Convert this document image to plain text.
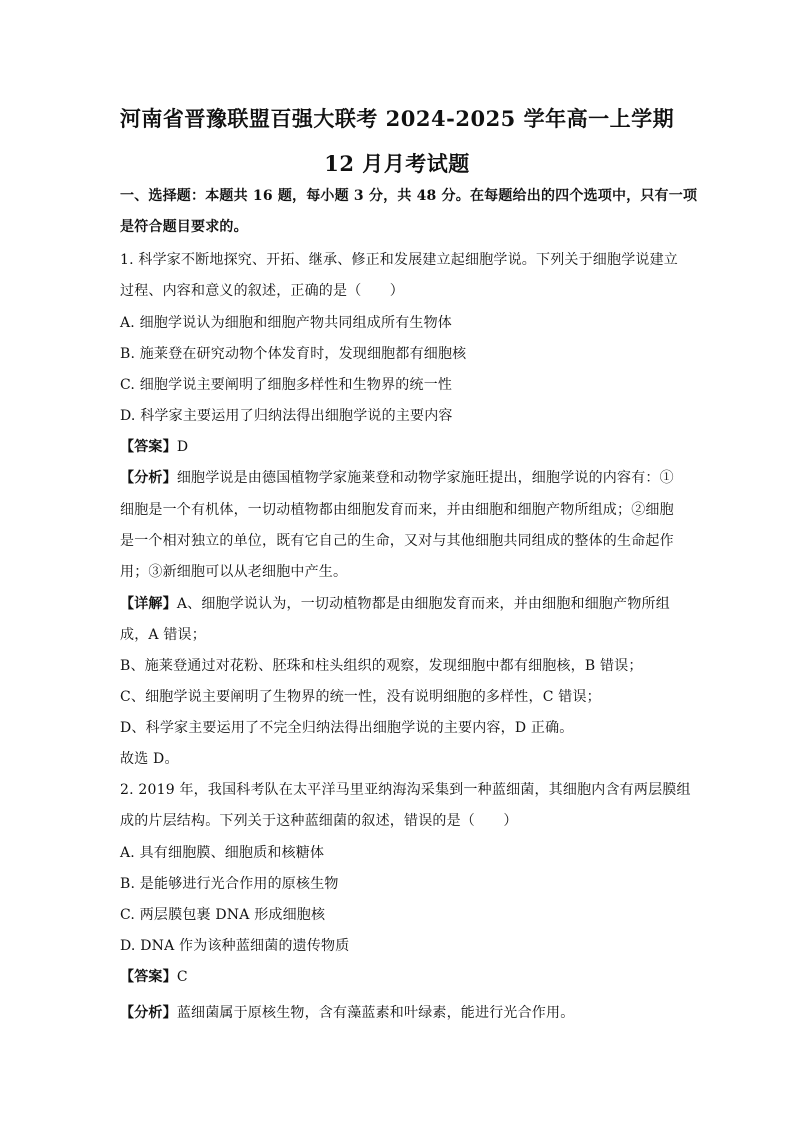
河南省晋豫联盟百强大联考 2024-2025 学年高一上学期
12 月月考试题
一、选择题：本题共 16 题，每小题 3 分，共 48 分。在每题给出的四个选项中，只有一项
是符合题目要求的。
1. 科学家不断地探究、开拓、继承、修正和发展建立起细胞学说。下列关于细胞学说建立
过程、内容和意义的叙述，正确的是（　　）
A. 细胞学说认为细胞和细胞产物共同组成所有生物体
B. 施莱登在研究动物个体发育时，发现细胞都有细胞核
C. 细胞学说主要阐明了细胞多样性和生物界的统一性
D. 科学家主要运用了归纳法得出细胞学说的主要内容
【答案】D
【分析】细胞学说是由德国植物学家施莱登和动物学家施旺提出，细胞学说的内容有：①
细胞是一个有机体，一切动植物都由细胞发育而来，并由细胞和细胞产物所组成；②细胞
是一个相对独立的单位，既有它自己的生命，又对与其他细胞共同组成的整体的生命起作
用；③新细胞可以从老细胞中产生。
【详解】A、细胞学说认为，一切动植物都是由细胞发育而来，并由细胞和细胞产物所组
成，A 错误；
B、施莱登通过对花粉、胚珠和柱头组织的观察，发现细胞中都有细胞核，B 错误；
C、细胞学说主要阐明了生物界的统一性，没有说明细胞的多样性，C 错误；
D、科学家主要运用了不完全归纳法得出细胞学说的主要内容，D 正确。
故选 D。
2. 2019 年，我国科考队在太平洋马里亚纳海沟采集到一种蓝细菌，其细胞内含有两层膜组
成的片层结构。下列关于这种蓝细菌的叙述，错误的是（　　）
A. 具有细胞膜、细胞质和核糖体
B. 是能够进行光合作用的原核生物
C. 两层膜包裹 DNA 形成细胞核
D. DNA 作为该种蓝细菌的遗传物质
【答案】C
【分析】蓝细菌属于原核生物，含有藻蓝素和叶绿素，能进行光合作用。
